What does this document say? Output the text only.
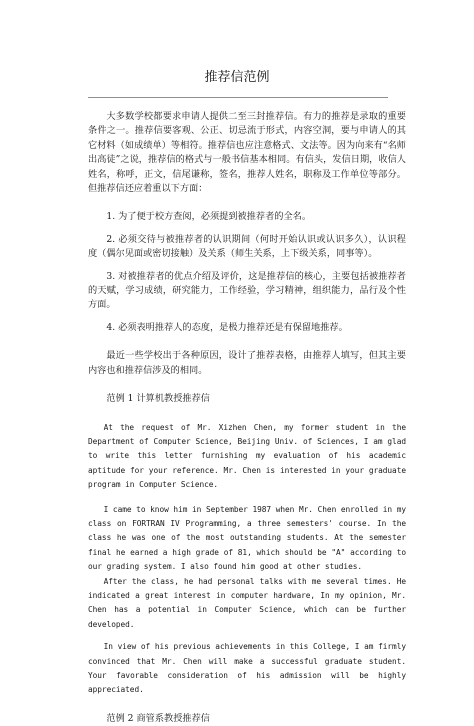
推荐信范例

大多数学校都要求申请人提供二至三封推荐信。有力的推荐是录取的重要条件之一。推荐信要客观、公正、切忌流于形式，内容空洞，要与申请人的其它材料（如成绩单）等相符。推荐信也应注意格式、文法等。因为向来有“名师出高徒”之说，推荐信的格式与一般书信基本相同。有信头，发信日期，收信人姓名，称呼，正文，信尾谦称，签名，推荐人姓名，职称及工作单位等部分。但推荐信还应着重以下方面：

1. 为了便于校方查阅，必须提到被推荐者的全名。

2. 必须交待与被推荐者的认识期间（何时开始认识或认识多久），认识程度（偶尔见面或密切接触）及关系（师生关系，上下级关系，同事等）。

3. 对被推荐者的优点介绍及评价，这是推荐信的核心，主要包括被推荐者的天赋，学习成绩，研究能力，工作经验，学习精神，组织能力，品行及个性方面。

4. 必须表明推荐人的态度，是极力推荐还是有保留地推荐。

最近一些学校出于各种原因，设计了推荐表格，由推荐人填写，但其主要内容也和推荐信涉及的相同。

范例 1 计算机教授推荐信

At the request of Mr. Xizhen Chen, my former student in the Department of Computer Science, Beijing Univ. of Sciences, I am glad to write this letter furnishing my evaluation of his academic aptitude for your reference. Mr. Chen is interested in your graduate program in Computer Science.

I came to know him in September 1987 when Mr. Chen enrolled in my class on FORTRAN IV Programming, a three semesters' course. In the class he was one of the most outstanding students. At the semester final he earned a high grade of 81, which should be "A" according to our grading system. I also found him good at other studies.

After the class, he had personal talks with me several times. He indicated a great interest in computer hardware, In my opinion, Mr. Chen has a potential in Computer Science, which can be further developed.

In view of his previous achievements in this College, I am firmly convinced that Mr. Chen will make a successful graduate student. Your favorable consideration of his admission will be highly appreciated.

范例 2 商管系教授推荐信
